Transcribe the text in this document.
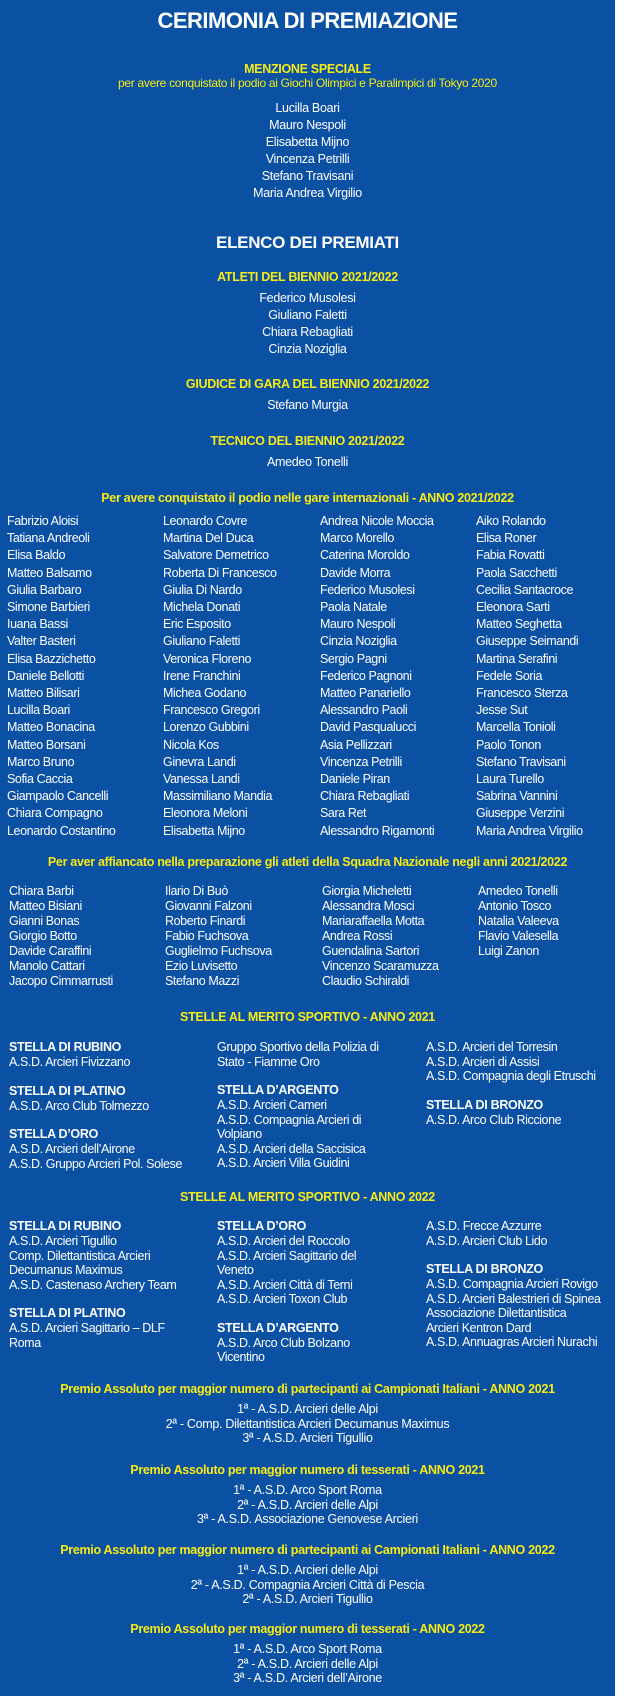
CERIMONIA DI PREMIAZIONE
MENZIONE SPECIALE
per avere conquistato il podio ai Giochi Olimpici e Paralimpici di Tokyo 2020
Lucilla Boari
Mauro Nespoli
Elisabetta Mijno
Vincenza Petrilli
Stefano Travisani
Maria Andrea Virgilio
ELENCO DEI PREMIATI
ATLETI DEL BIENNIO 2021/2022
Federico Musolesi
Giuliano Faletti
Chiara Rebagliati
Cinzia Noziglia
GIUDICE DI GARA DEL BIENNIO 2021/2022
Stefano Murgia
TECNICO DEL BIENNIO 2021/2022
Amedeo Tonelli
Per avere conquistato il podio nelle gare internazionali - ANNO 2021/2022
Fabrizio Aloisi
Tatiana Andreoli
Elisa Baldo
Matteo Balsamo
Giulia Barbaro
Simone Barbieri
Iuana Bassi
Valter Basteri
Elisa Bazzichetto
Daniele Bellotti
Matteo Bilisari
Lucilla Boari
Matteo Bonacina
Matteo Borsani
Marco Bruno
Sofia Caccia
Giampaolo Cancelli
Chiara Compagno
Leonardo Costantino
Leonardo Covre
Martina Del Duca
Salvatore Demetrico
Roberta Di Francesco
Giulia Di Nardo
Michela Donati
Eric Esposito
Giuliano Faletti
Veronica Floreno
Irene Franchini
Michea Godano
Francesco Gregori
Lorenzo Gubbini
Nicola Kos
Ginevra Landi
Vanessa Landi
Massimiliano Mandia
Eleonora Meloni
Elisabetta Mijno
Andrea Nicole Moccia
Marco Morello
Caterina Moroldo
Davide Morra
Federico Musolesi
Paola Natale
Mauro Nespoli
Cinzia Noziglia
Sergio Pagni
Federico Pagnoni
Matteo Panariello
Alessandro Paoli
David Pasqualucci
Asia Pellizzari
Vincenza Petrilli
Daniele Piran
Chiara Rebagliati
Sara Ret
Alessandro Rigamonti
Aiko Rolando
Elisa Roner
Fabia Rovatti
Paola Sacchetti
Cecilia Santacroce
Eleonora Sarti
Matteo Seghetta
Giuseppe Seimandi
Martina Serafini
Fedele Soria
Francesco Sterza
Jesse Sut
Marcella Tonioli
Paolo Tonon
Stefano Travisani
Laura Turello
Sabrina Vannini
Giuseppe Verzini
Maria Andrea Virgilio
Per aver affiancato nella preparazione gli atleti della Squadra Nazionale negli anni 2021/2022
Chiara Barbi
Matteo Bisiani
Gianni Bonas
Giorgio Botto
Davide Caraffini
Manolo Cattari
Jacopo Cimmarrusti
Ilario Di Buò
Giovanni Falzoni
Roberto Finardi
Fabio Fuchsova
Guglielmo Fuchsova
Ezio Luvisetto
Stefano Mazzi
Giorgia Micheletti
Alessandra Mosci
Mariaraffaella Motta
Andrea Rossi
Guendalina Sartori
Vincenzo Scaramuzza
Claudio Schiraldi
Amedeo Tonelli
Antonio Tosco
Natalia Valeeva
Flavio Valesella
Luigi Zanon
STELLE AL MERITO SPORTIVO - ANNO 2021
STELLA DI RUBINO
A.S.D. Arcieri Fivizzano
STELLA DI PLATINO
A.S.D. Arco Club Tolmezzo
STELLA D’ORO
A.S.D. Arcieri dell’Airone
A.S.D. Gruppo Arcieri Pol. Solese
Gruppo Sportivo della Polizia di
Stato - Fiamme Oro
STELLA D’ARGENTO
A.S.D. Arcieri Cameri
A.S.D. Compagnia Arcieri di
Volpiano
A.S.D. Arcieri della Saccisica
A.S.D. Arcieri Villa Guidini
A.S.D. Arcieri del Torresin
A.S.D. Arcieri di Assisi
A.S.D. Compagnia degli Etruschi
STELLA DI BRONZO
A.S.D. Arco Club Riccione
STELLE AL MERITO SPORTIVO - ANNO 2022
STELLA DI RUBINO
A.S.D. Arcieri Tigullio
Comp. Dilettantistica Arcieri
Decumanus Maximus
A.S.D. Castenaso Archery Team
STELLA DI PLATINO
A.S.D. Arcieri Sagittario – DLF
Roma
STELLA D’ORO
A.S.D. Arcieri del Roccolo
A.S.D. Arcieri Sagittario del
Veneto
A.S.D. Arcieri Città di Terni
A.S.D. Arcieri Toxon Club
STELLA D’ARGENTO
A.S.D. Arco Club Bolzano
Vicentino
A.S.D. Frecce Azzurre
A.S.D. Arcieri Club Lido
STELLA DI BRONZO
A.S.D. Compagnia Arcieri Rovigo
A.S.D. Arcieri Balestrieri di Spinea
Associazione Dilettantistica
Arcieri Kentron Dard
A.S.D. Annuagras Arcieri Nurachi
Premio Assoluto per maggior numero di partecipanti ai Campionati Italiani - ANNO 2021
1ª - A.S.D. Arcieri delle Alpi
2ª - Comp. Dilettantistica Arcieri Decumanus Maximus
3ª - A.S.D. Arcieri Tigullio
Premio Assoluto per maggior numero di tesserati - ANNO 2021
1ª - A.S.D. Arco Sport Roma
2ª - A.S.D. Arcieri delle Alpi
3ª - A.S.D. Associazione Genovese Arcieri
Premio Assoluto per maggior numero di partecipanti ai Campionati Italiani - ANNO 2022
1ª - A.S.D. Arcieri delle Alpi
2ª - A.S.D. Compagnia Arcieri Città di Pescia
2ª - A.S.D. Arcieri Tigullio
Premio Assoluto per maggior numero di tesserati - ANNO 2022
1ª - A.S.D. Arco Sport Roma
2ª - A.S.D. Arcieri delle Alpi
3ª - A.S.D. Arcieri dell’Airone
